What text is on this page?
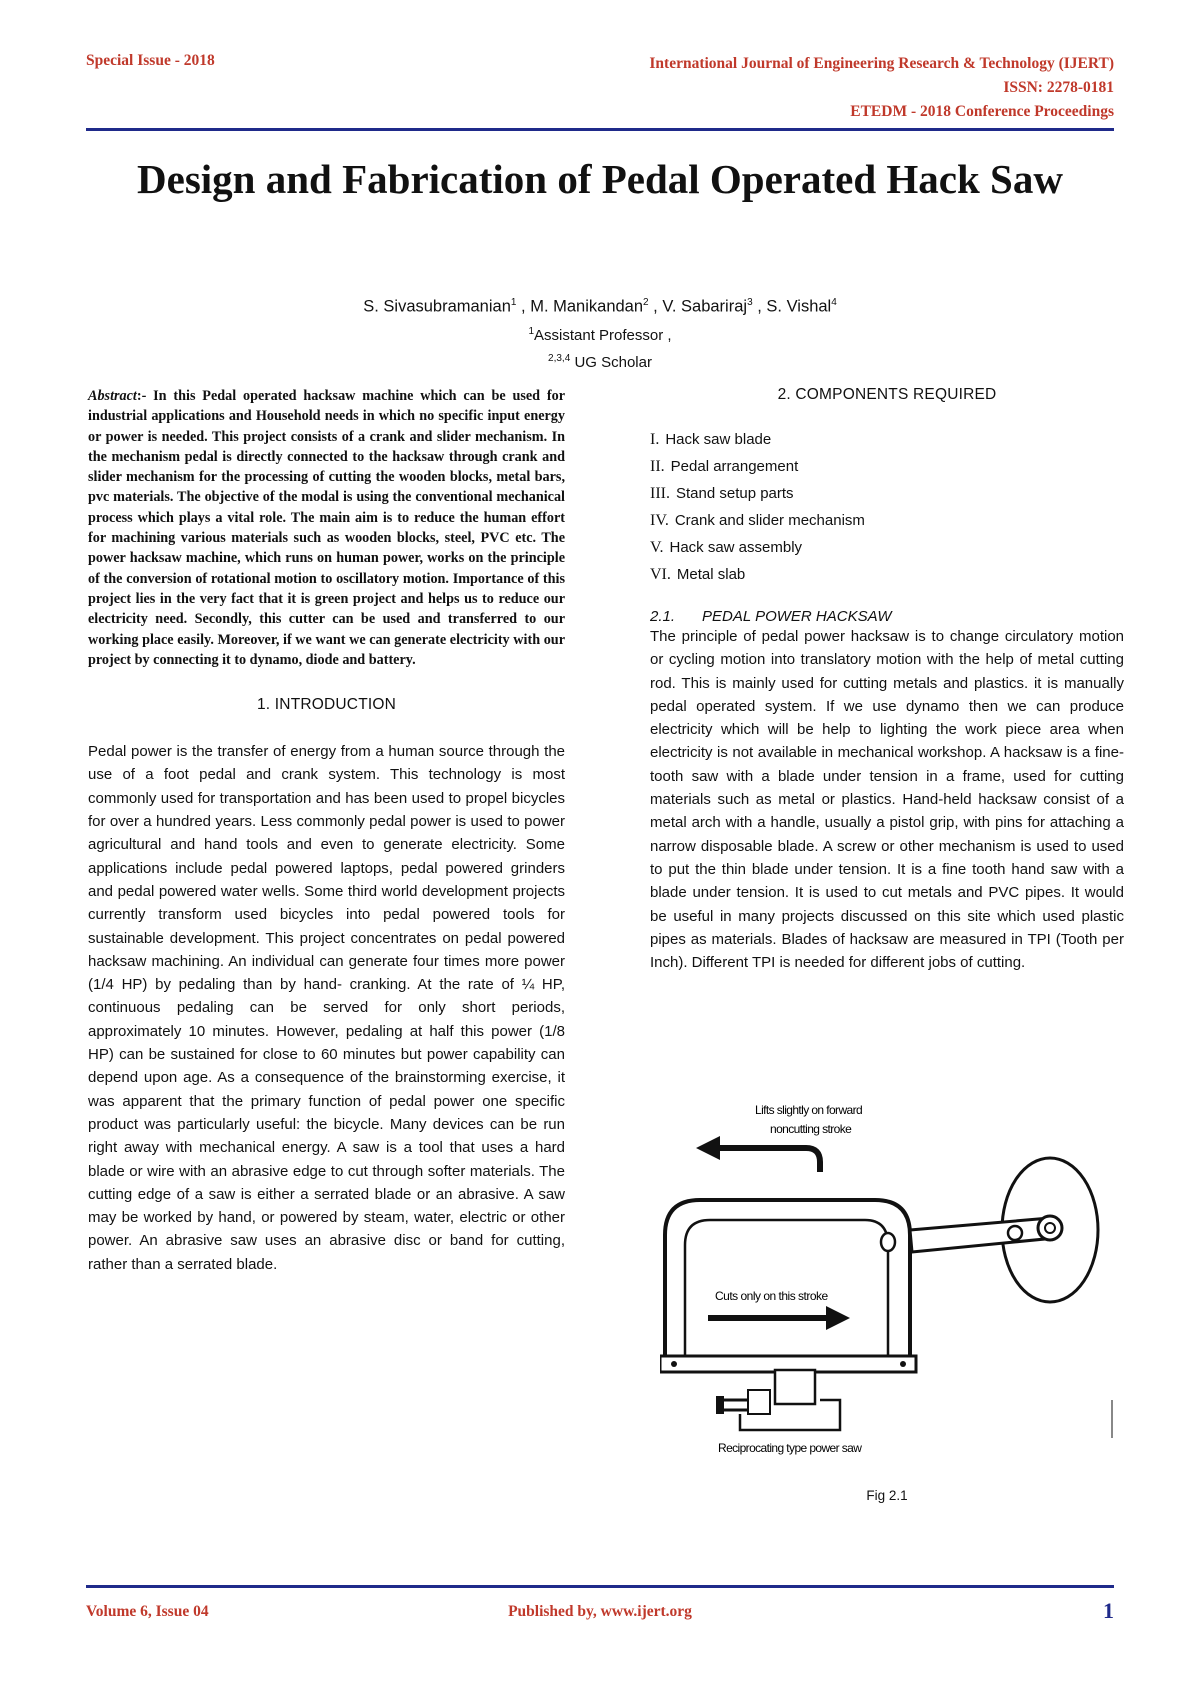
Special Issue - 2018	International Journal of Engineering Research & Technology (IJERT)
ISSN: 2278-0181
ETEDM - 2018 Conference Proceedings
Design and Fabrication of Pedal Operated Hack Saw
S. Sivasubramanian$^1$ , M. Manikandan$^2$ , V. Sabariraj$^3$ , S. Vishal$^4$
$^1$Assistant Professor ,
$^{2,3,4}$ UG Scholar

Abstract:- In this Pedal operated hacksaw machine which can be used for industrial applications and Household needs in which no specific input energy or power is needed. This project consists of a crank and slider mechanism. In the mechanism pedal is directly connected to the hacksaw through crank and slider mechanism for the processing of cutting the wooden blocks, metal bars, pvc materials. The objective of the modal is using the conventional mechanical process which plays a vital role. The main aim is to reduce the human effort for machining various materials such as wooden blocks, steel, PVC etc. The power hacksaw machine, which runs on human power, works on the principle of the conversion of rotational motion to oscillatory motion. Importance of this project lies in the very fact that it is green project and helps us to reduce our electricity need. Secondly, this cutter can be used and transferred to our working place easily. Moreover, if we want we can generate electricity with our project by connecting it to dynamo, diode and battery.

1. INTRODUCTION

Pedal power is the transfer of energy from a human source through the use of a foot pedal and crank system. This technology is most commonly used for transportation and has been used to propel bicycles for over a hundred years. Less commonly pedal power is used to power agricultural and hand tools and even to generate electricity. Some applications include pedal powered laptops, pedal powered grinders and pedal powered water wells. Some third world development projects currently transform used bicycles into pedal powered tools for sustainable development. This project concentrates on pedal powered hacksaw machining. An individual can generate four times more power (1/4 HP) by pedaling than by hand- cranking. At the rate of ¼ HP, continuous pedaling can be served for only short periods, approximately 10 minutes. However, pedaling at half this power (1/8 HP) can be sustained for close to 60 minutes but power capability can depend upon age. As a consequence of the brainstorming exercise, it was apparent that the primary function of pedal power one specific product was particularly useful: the bicycle. Many devices can be run right away with mechanical energy. A saw is a tool that uses a hard blade or wire with an abrasive edge to cut through softer materials. The cutting edge of a saw is either a serrated blade or an abrasive. A saw may be worked by hand, or powered by steam, water, electric or other power. An abrasive saw uses an abrasive disc or band for cutting, rather than a serrated blade.

2. COMPONENTS REQUIRED

I. Hack saw blade
II. Pedal arrangement
III. Stand setup parts
IV. Crank and slider mechanism
V. Hack saw assembly
VI. Metal slab

2.1. PEDAL POWER HACKSAW

The principle of pedal power hacksaw is to change circulatory motion or cycling motion into translatory motion with the help of metal cutting rod. This is mainly used for cutting metals and plastics. it is manually pedal operated system. If we use dynamo then we can produce electricity which will be help to lighting the work piece area when electricity is not available in mechanical workshop. A hacksaw is a fine- tooth saw with a blade under tension in a frame, used for cutting materials such as metal or plastics. Hand-held hacksaw consist of a metal arch with a handle, usually a pistol grip, with pins for attaching a narrow disposable blade. A screw or other mechanism is used to used to put the thin blade under tension. It is a fine tooth hand saw with a blade under tension. It is used to cut metals and PVC pipes. It would be useful in many projects discussed on this site which used plastic pipes as materials. Blades of hacksaw are measured in TPI (Tooth per Inch). Different TPI is needed for different jobs of cutting.

Lifts slightly on forward
noncutting stroke
Cuts only on this stroke
Reciprocating type power saw
Fig 2.1
Volume 6, Issue 04	Published by, www.ijert.org	1
